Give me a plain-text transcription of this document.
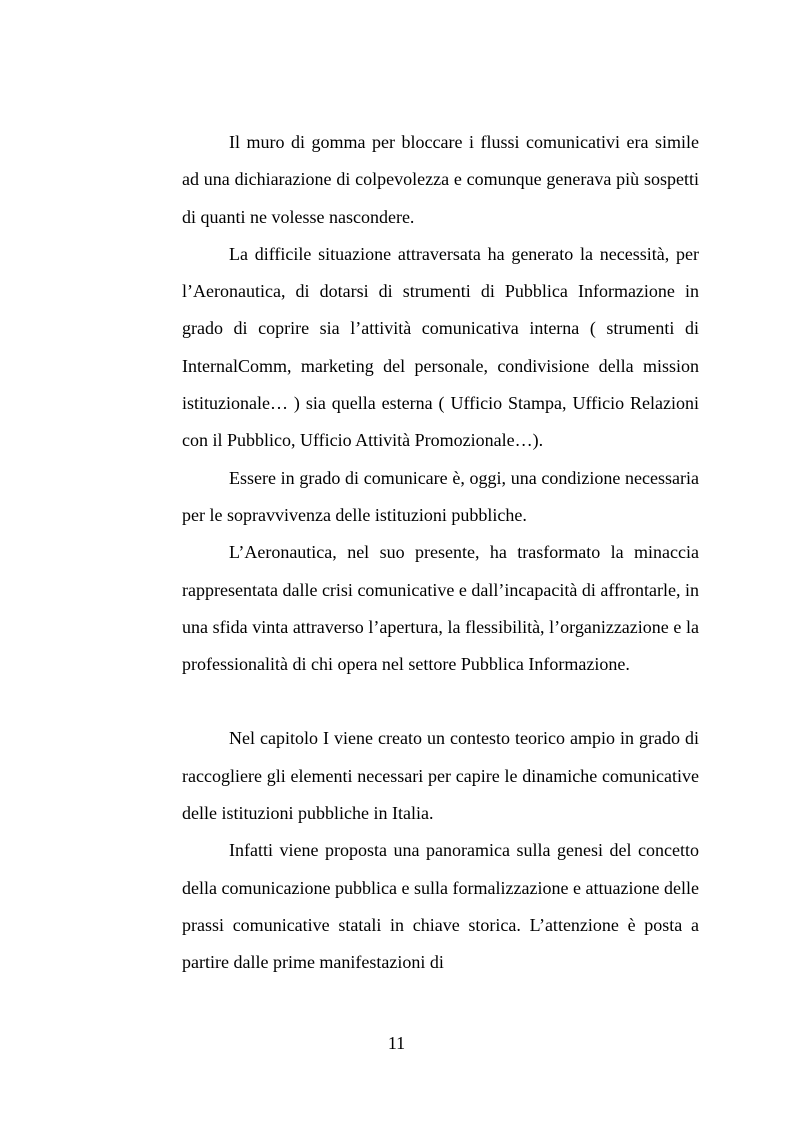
Il muro di gomma per bloccare i flussi comunicativi era simile ad una dichiarazione di colpevolezza e comunque generava più sospetti di quanti ne volesse nascondere.

La difficile situazione attraversata ha generato la necessità, per l’Aeronautica, di dotarsi di strumenti di Pubblica Informazione in grado di coprire sia l’attività comunicativa interna ( strumenti di InternalComm, marketing del personale, condivisione della mission istituzionale… ) sia quella esterna ( Ufficio Stampa, Ufficio Relazioni con il Pubblico, Ufficio Attività Promozionale…).

Essere in grado di comunicare è, oggi, una condizione necessaria per le sopravvivenza delle istituzioni pubbliche.

L’Aeronautica, nel suo presente, ha trasformato la minaccia rappresentata dalle crisi comunicative e dall’incapacità di affrontarle, in una sfida vinta attraverso l’apertura, la flessibilità, l’organizzazione e la professionalità di chi opera nel settore Pubblica Informazione.

Nel capitolo I viene creato un contesto teorico ampio in grado di raccogliere gli elementi necessari per capire le dinamiche comunicative delle istituzioni pubbliche in Italia.

Infatti viene proposta una panoramica sulla genesi del concetto della comunicazione pubblica e sulla formalizzazione e attuazione delle prassi comunicative statali in chiave storica. L’attenzione è posta a partire dalle prime manifestazioni di

11
